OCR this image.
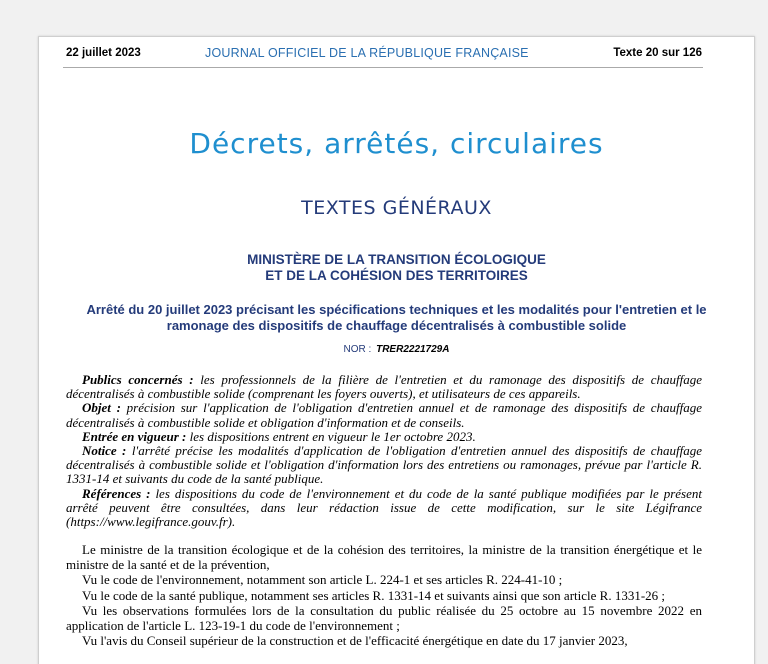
22 juillet 2023	JOURNAL OFFICIEL DE LA RÉPUBLIQUE FRANÇAISE	Texte 20 sur 126
Décrets, arrêtés, circulaires
TEXTES GÉNÉRAUX
MINISTÈRE DE LA TRANSITION ÉCOLOGIQUE
ET DE LA COHÉSION DES TERRITOIRES
Arrêté du 20 juillet 2023 précisant les spécifications techniques et les modalités pour l'entretien et le ramonage des dispositifs de chauffage décentralisés à combustible solide
NOR : TRER2221729A

Publics concernés : les professionnels de la filière de l'entretien et du ramonage des dispositifs de chauffage décentralisés à combustible solide (comprenant les foyers ouverts), et utilisateurs de ces appareils.

Objet : précision sur l'application de l'obligation d'entretien annuel et de ramonage des dispositifs de chauffage décentralisés à combustible solide et obligation d'information et de conseils.

Entrée en vigueur : les dispositions entrent en vigueur le 1er octobre 2023.

Notice : l'arrêté précise les modalités d'application de l'obligation d'entretien annuel des dispositifs de chauffage décentralisés à combustible solide et l'obligation d'information lors des entretiens ou ramonages, prévue par l'article R. 1331-14 et suivants du code de la santé publique.

Références : les dispositions du code de l'environnement et du code de la santé publique modifiées par le présent arrêté peuvent être consultées, dans leur rédaction issue de cette modification, sur le site Légifrance (https://www.legifrance.gouv.fr).

Le ministre de la transition écologique et de la cohésion des territoires, la ministre de la transition énergétique et le ministre de la santé et de la prévention,

Vu le code de l'environnement, notamment son article L. 224-1 et ses articles R. 224-41-10 ;

Vu le code de la santé publique, notamment ses articles R. 1331-14 et suivants ainsi que son article R. 1331-26 ;

Vu les observations formulées lors de la consultation du public réalisée du 25 octobre au 15 novembre 2022 en application de l'article L. 123-19-1 du code de l'environnement ;

Vu l'avis du Conseil supérieur de la construction et de l'efficacité énergétique en date du 17 janvier 2023,
